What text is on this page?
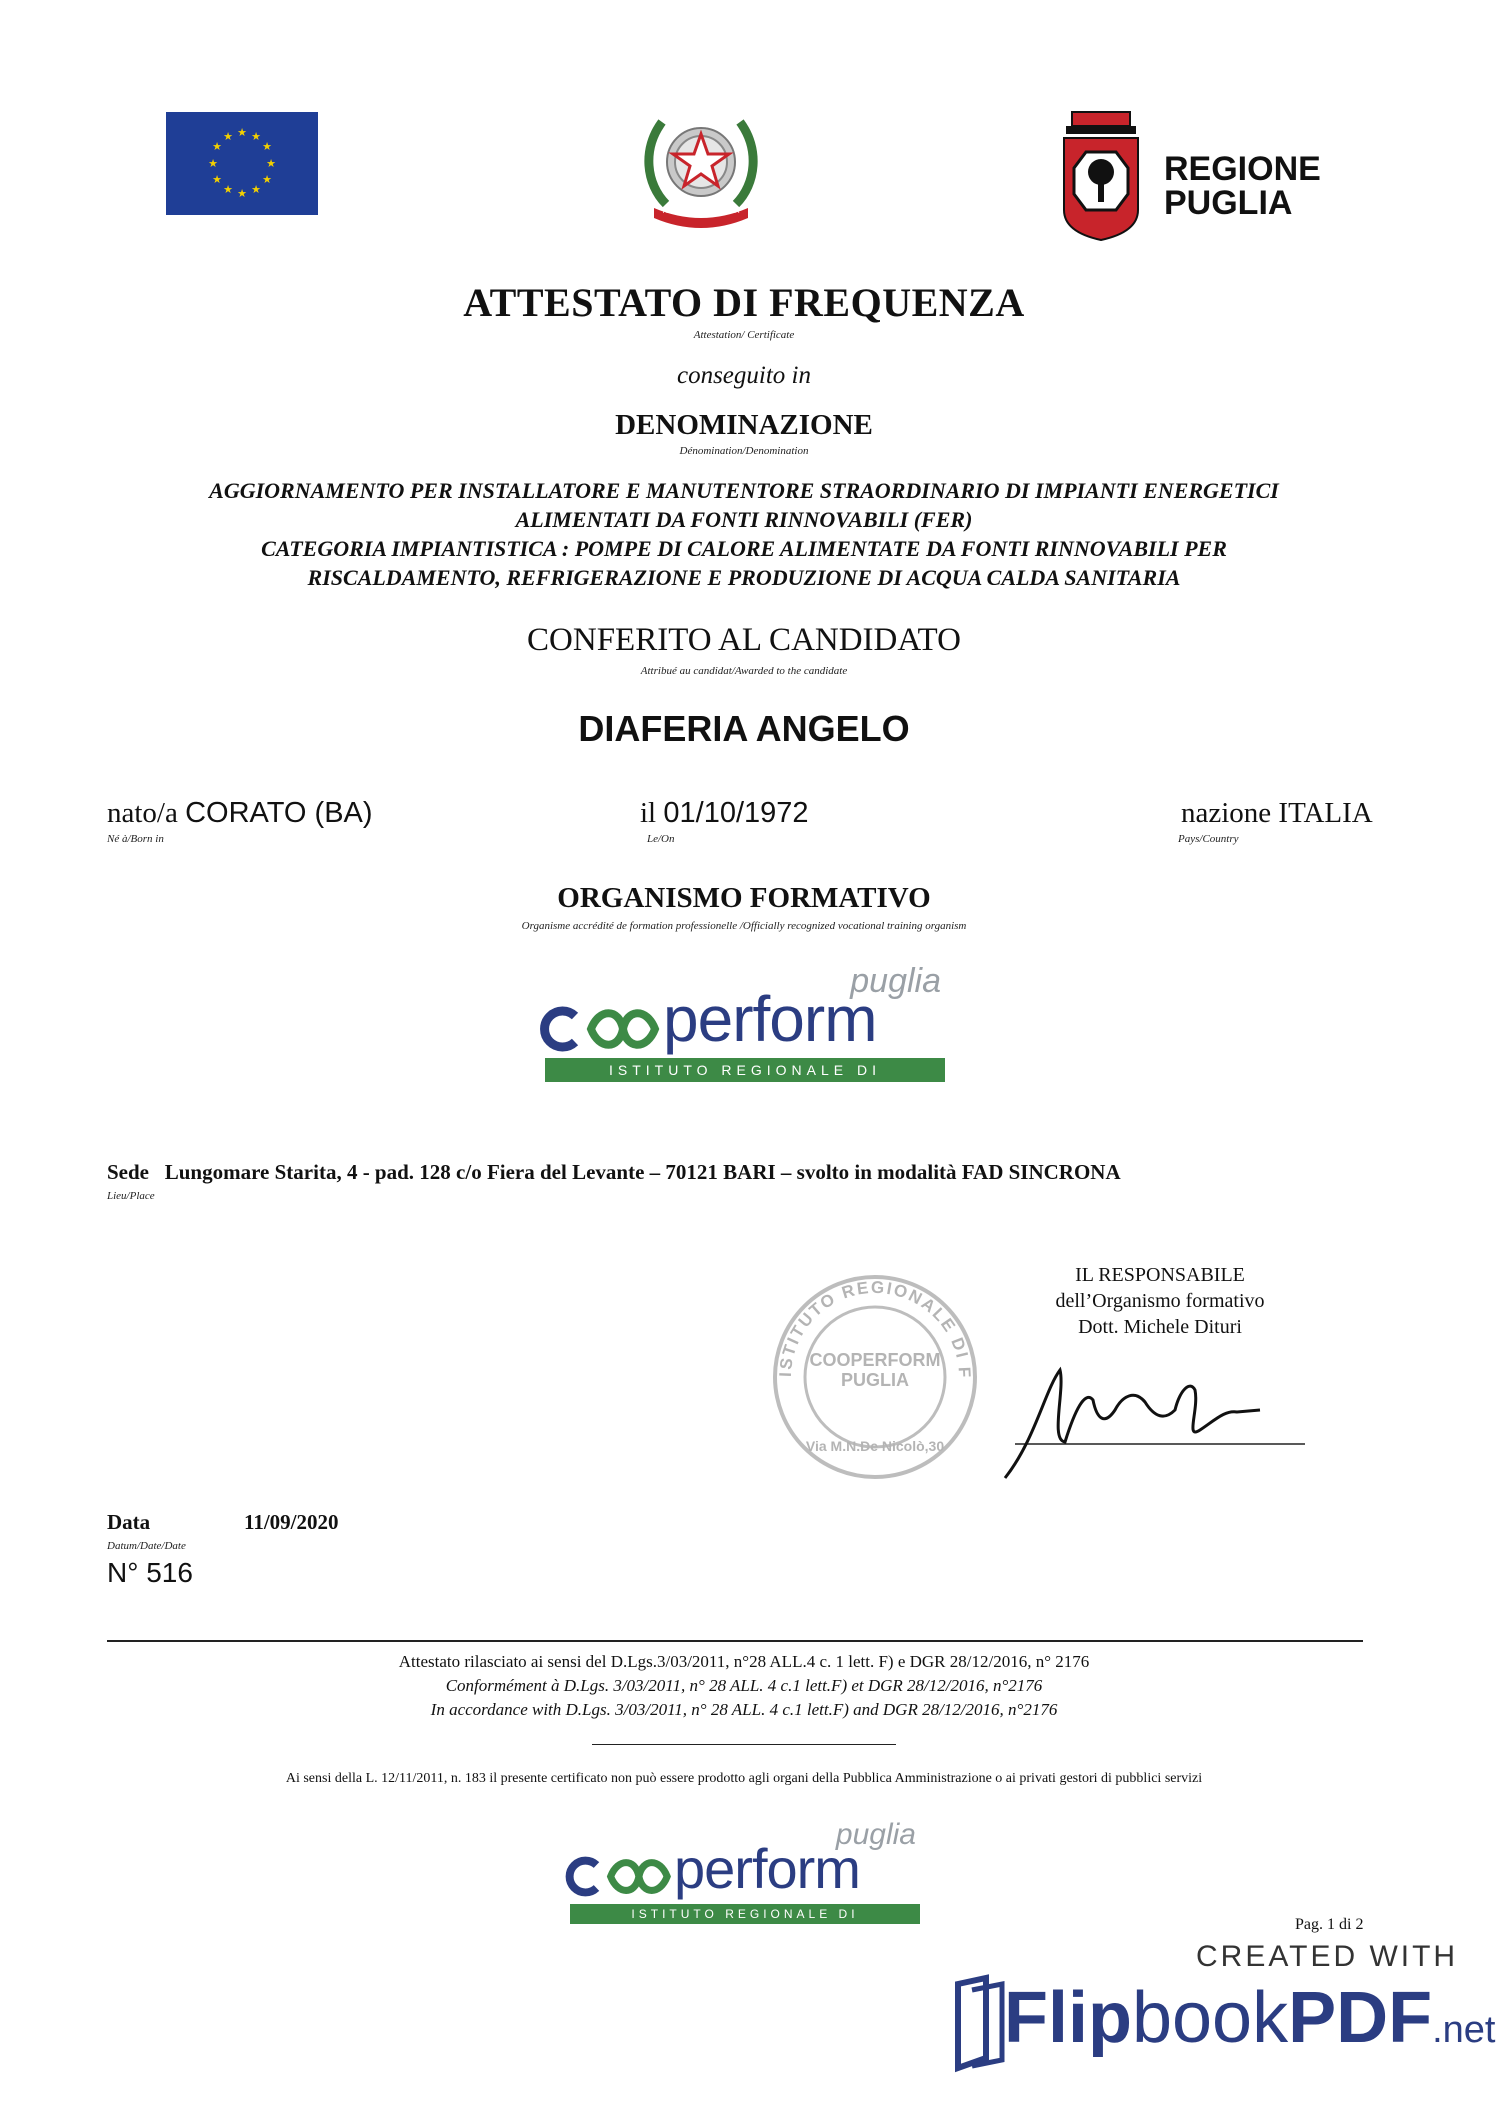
★ ★
★
★
★
★
★
★
★
★
★
★
REPUBBLICA ITALIANA
REGIONE
PUGLIA
ATTESTATO DI FREQUENZA
Attestation/ Certificate
conseguito in
DENOMINAZIONE
Dénomination/Denomination
AGGIORNAMENTO PER INSTALLATORE E MANUTENTORE STRAORDINARIO DI IMPIANTI ENERGETICI
ALIMENTATI DA FONTI RINNOVABILI (FER)
CATEGORIA IMPIANTISTICA : POMPE DI CALORE ALIMENTATE DA FONTI RINNOVABILI PER
RISCALDAMENTO, REFRIGERAZIONE E PRODUZIONE DI ACQUA CALDA SANITARIA
CONFERITO AL CANDIDATO
Attribué au candidat/Awarded to the candidate
DIAFERIA ANGELO
nato/a CORATO (BA)
Né à/Born in
il 01/10/1972
Le/On
nazione ITALIA
Pays/Country
ORGANISMO FORMATIVO
Organisme accrédité de formation professionelle /Officially recognized vocational training organism
puglia
perform
ISTITUTO REGIONALE DI FORMAZIONE
Sede Lungomare Starita, 4 - pad. 128 c/o Fiera del Levante – 70121 BARI – svolto in modalità FAD SINCRONA
Lieu/Place
ISTITUTO REGIONALE DI F
COOPERFORM
PUGLIA
Via M.N.De Nicolò,30
IL RESPONSABILE
dell’Organismo formativo
Dott. Michele Dituri
Data	11/09/2020
Datum/Date/Date
N° 516
Attestato rilasciato ai sensi del D.Lgs.3/03/2011, n°28 ALL.4 c. 1 lett. F) e DGR 28/12/2016, n° 2176
Conformément à D.Lgs. 3/03/2011, n° 28 ALL. 4 c.1 lett.F) et DGR 28/12/2016, n°2176
In accordance with D.Lgs. 3/03/2011, n° 28 ALL. 4 c.1 lett.F) and DGR 28/12/2016, n°2176
Ai sensi della L. 12/11/2011, n. 183 il presente certificato non può essere prodotto agli organi della Pubblica Amministrazione o ai privati gestori di pubblici servizi
puglia
perform
ISTITUTO REGIONALE DI FORMAZIONE
Pag. 1 di 2
CREATED WITH
FlipbookPDF.net
